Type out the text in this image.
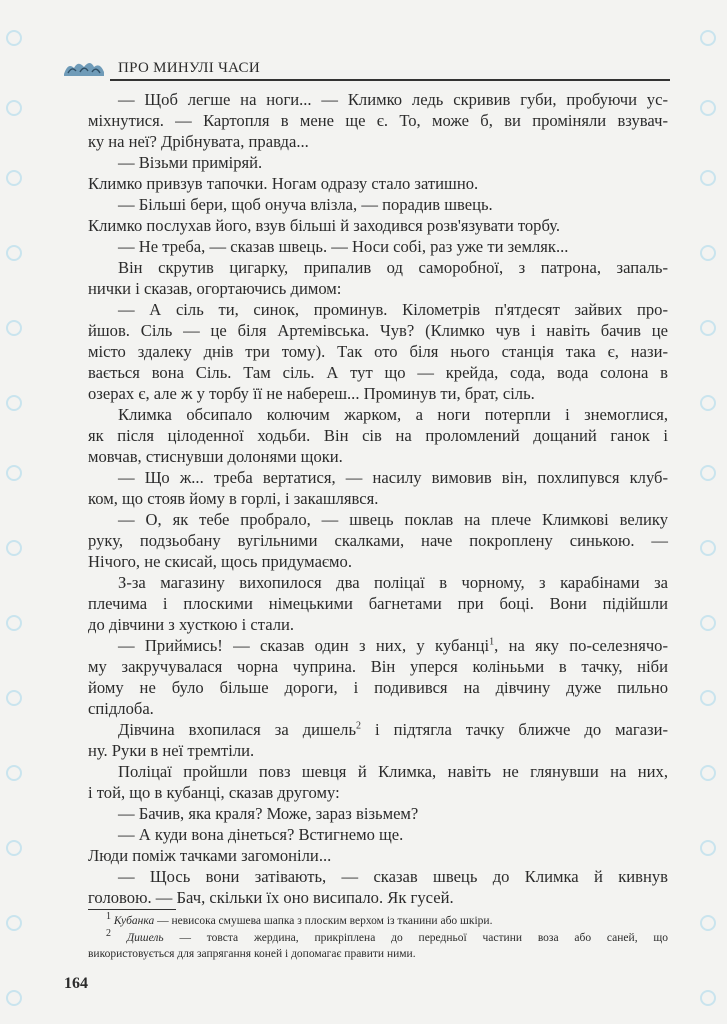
ПРО МИНУЛІ ЧАСИ
— Щоб легше на ноги... — Климко ледь скривив губи, пробуючи ус-
міхнутися. — Картопля в мене ще є. То, може б, ви проміняли взувач-
ку на неї? Дрібнувата, правда...
— Візьми приміряй.
Климко привзув тапочки. Ногам одразу стало затишно.
— Більші бери, щоб онуча влізла, — порадив швець.
Климко послухав його, взув більші й заходився розв'язувати торбу.
— Не треба, — сказав швець. — Носи собі, раз уже ти земляк...
Він скрутив цигарку, припалив од саморобної, з патрона, запаль-
нички і сказав, огортаючись димом:
— А сіль ти, синок, проминув. Кілометрів п'ятдесят зайвих про-
йшов. Сіль — це біля Артемівська. Чув? (Климко чув і навіть бачив це
місто здалеку днів три тому). Так ото біля нього станція така є, нази-
вається вона Сіль. Там сіль. А тут що — крейда, сода, вода солона в
озерах є, але ж у торбу її не набереш... Проминув ти, брат, сіль.
Климка обсипало колючим жарком, а ноги потерпли і знемоглися,
як після цілоденної ходьби. Він сів на проломлений дощаний ганок і
мовчав, стиснувши долонями щоки.
— Що ж... треба вертатися, — насилу вимовив він, похлипувся клуб-
ком, що стояв йому в горлі, і закашлявся.
— О, як тебе пробрало, — швець поклав на плече Климкові велику
руку, подзьобану вугільними скалками, наче покроплену синькою. —
Нічого, не скисай, щось придумаємо.
З-за магазину вихопилося два поліцаї в чорному, з карабінами за
плечима і плоскими німецькими багнетами при боці. Вони підійшли
до дівчини з хусткою і стали.
— Приймись! — сказав один з них, у кубанці$^1$, на яку по-селезнячо-
му закручувалася чорна чуприна. Він уперся колінььми в тачку, ніби
йому не було більше дороги, і подивився на дівчину дуже пильно
спідлоба.
Дівчина вхопилася за дишель$^2$ і підтягла тачку ближче до магази-
ну. Руки в неї тремтіли.
Поліцаї пройшли повз шевця й Климка, навіть не глянувши на них,
і той, що в кубанці, сказав другому:
— Бачив, яка краля? Може, зараз візьмем?
— А куди вона дінеться? Встигнемо ще.
Люди поміж тачками загомоніли...
— Щось вони затівають, — сказав швець до Климка й кивнув
головою. — Бач, скільки їх оно висипало. Як гусей.
$^1$ Кубанка — невисока смушева шапка з плоским верхом із тканини або шкіри.
$^2$ Дишель — товста жердина, прикріплена до передньої частини воза або саней, що
використовується для запрягання коней і допомагає правити ними.
164
